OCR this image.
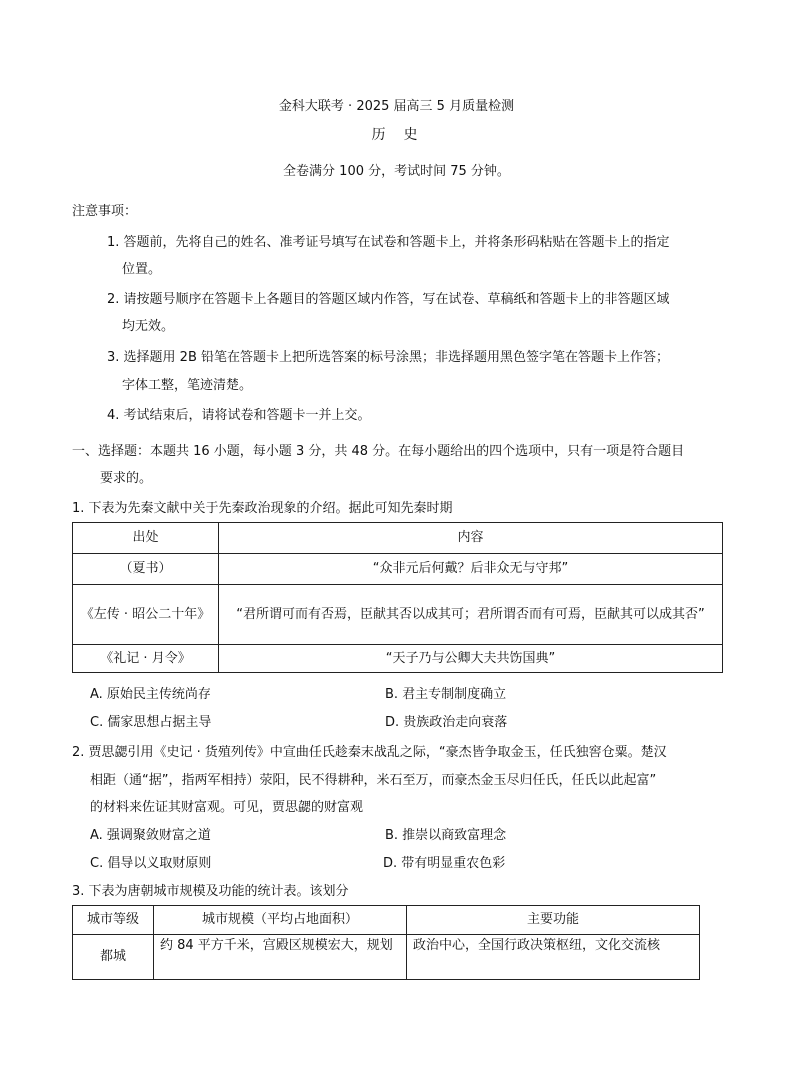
金科大联考 · 2025 届高三 5 月质量检测
历史
全卷满分 100 分，考试时间 75 分钟。
注意事项：
1. 答题前，先将自己的姓名、准考证号填写在试卷和答题卡上，并将条形码粘贴在答题卡上的指定
位置。
2. 请按题号顺序在答题卡上各题目的答题区域内作答，写在试卷、草稿纸和答题卡上的非答题区域
均无效。
3. 选择题用 2B 铅笔在答题卡上把所选答案的标号涂黑；非选择题用黑色签字笔在答题卡上作答；
字体工整，笔迹清楚。
4. 考试结束后，请将试卷和答题卡一并上交。
一、选择题：本题共 16 小题，每小题 3 分，共 48 分。在每小题给出的四个选项中，只有一项是符合题目
要求的。
1. 下表为先秦文献中关于先秦政治现象的介绍。据此可知先秦时期
出处	内容
（夏书）	“众非元后何戴？后非众无与守邦”
《左传 · 昭公二十年》	“君所谓可而有否焉，臣献其否以成其可；君所谓否而有可焉，臣献其可以成其否”
《礼记 · 月令》	“天子乃与公卿大夫共饬国典”
A. 原始民主传统尚存	B. 君主专制制度确立
C. 儒家思想占据主导	D. 贵族政治走向衰落
2. 贾思勰引用《史记 · 货殖列传》中宣曲任氏趁秦末战乱之际，“豪杰皆争取金玉，任氏独窖仓粟。楚汉
相距（通“据”，指两军相持）荥阳，民不得耕种，米石至万，而豪杰金玉尽归任氏，任氏以此起富”
的材料来佐证其财富观。可见，贾思勰的财富观
A. 强调聚敛财富之道	B. 推崇以商致富理念
C. 倡导以义取财原则	D. 带有明显重农色彩
3. 下表为唐朝城市规模及功能的统计表。该划分
城市等级	城市规模（平均占地面积）	主要功能
都城	约 84 平方千米，宫殿区规模宏大，规划	政治中心，全国行政决策枢纽，文化交流核
